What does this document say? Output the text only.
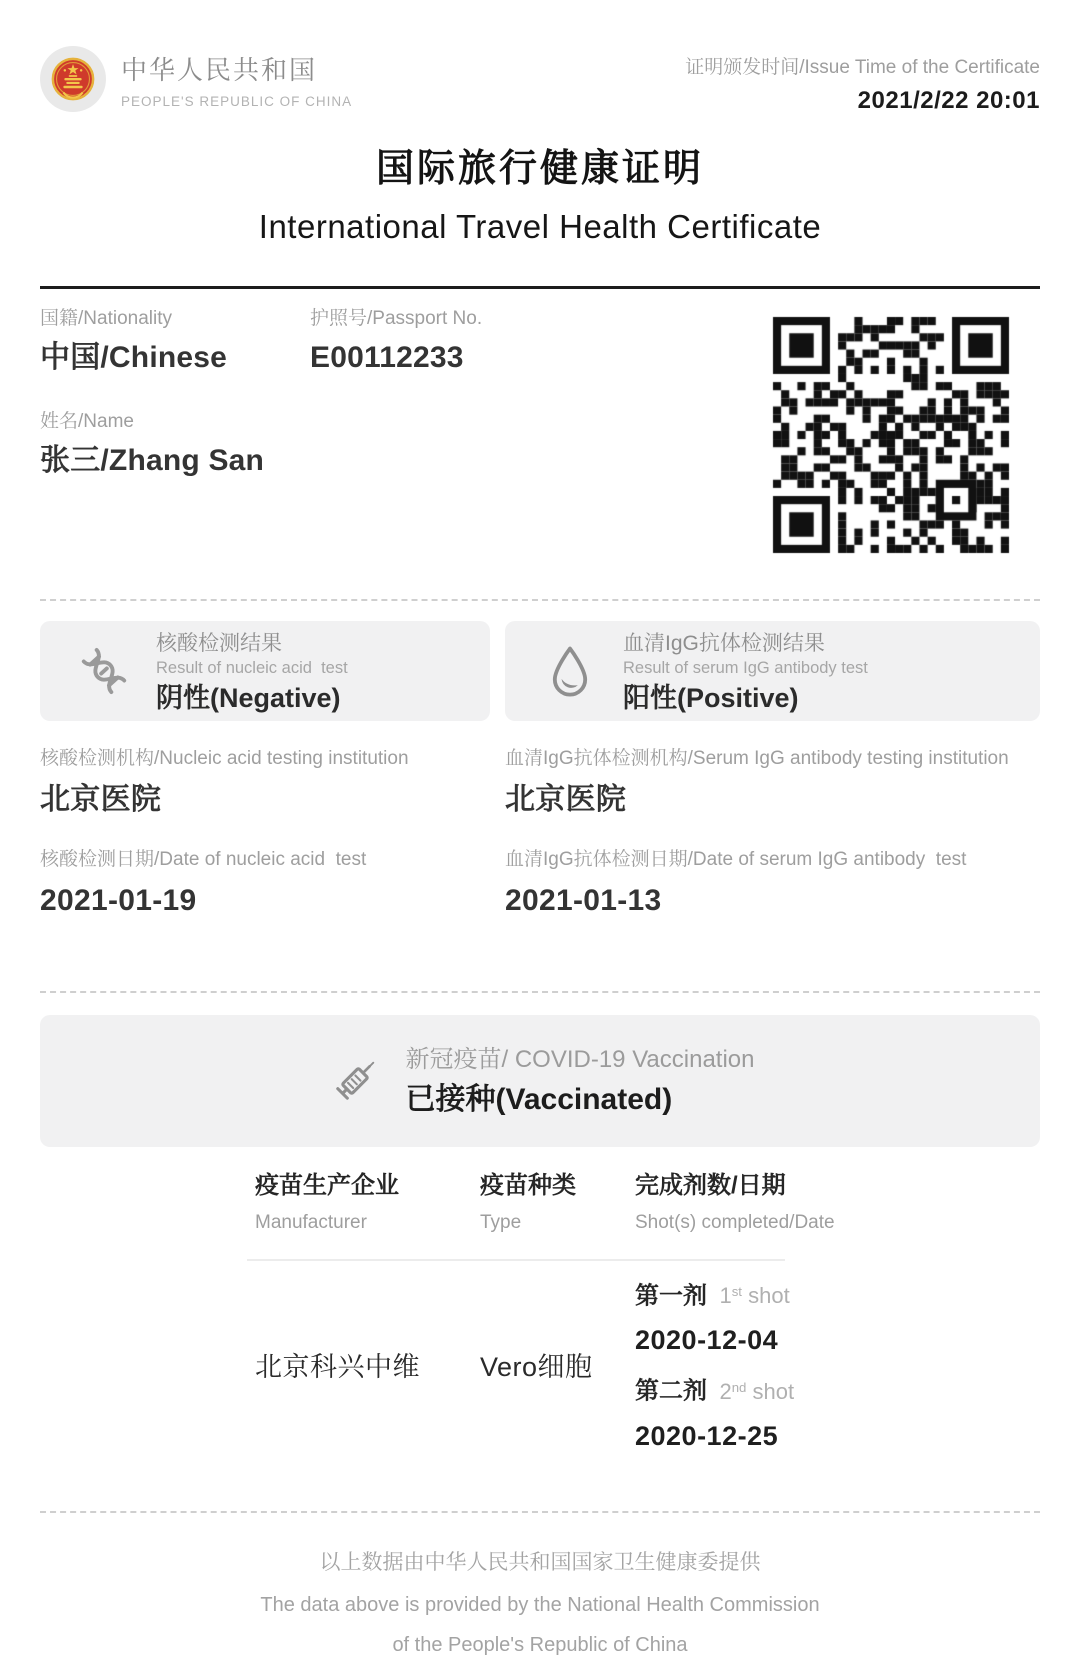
中华人民共和国
PEOPLE'S REPUBLIC OF CHINA
证明颁发时间/Issue Time of the Certificate
2021/2/22 20:01
国际旅行健康证明
International Travel Health Certificate
国籍/Nationality
中国/Chinese
护照号/Passport No.
E00112233
姓名/Name
张三/Zhang San
核酸检测结果
Result of nucleic acid  test
阴性(Negative)
血清IgG抗体检测结果
Result of serum IgG antibody test
阳性(Positive)
核酸检测机构/Nucleic acid testing institution
北京医院
血清IgG抗体检测机构/Serum IgG antibody testing institution
北京医院
核酸检测日期/Date of nucleic acid  test
2021-01-19
血清IgG抗体检测日期/Date of serum IgG antibody  test
2021-01-13
新冠疫苗/ COVID-19 Vaccination
已接种(Vaccinated)
疫苗生产企业
Manufacturer
疫苗种类
Type
完成剂数/日期
Shot(s) completed/Date
北京科兴中维	Vero细胞
第一剂 1st shot
2020-12-04
第二剂 2nd shot
2020-12-25
以上数据由中华人民共和国国家卫生健康委提供
The data above is provided by the National Health Commission
of the People's Republic of China
